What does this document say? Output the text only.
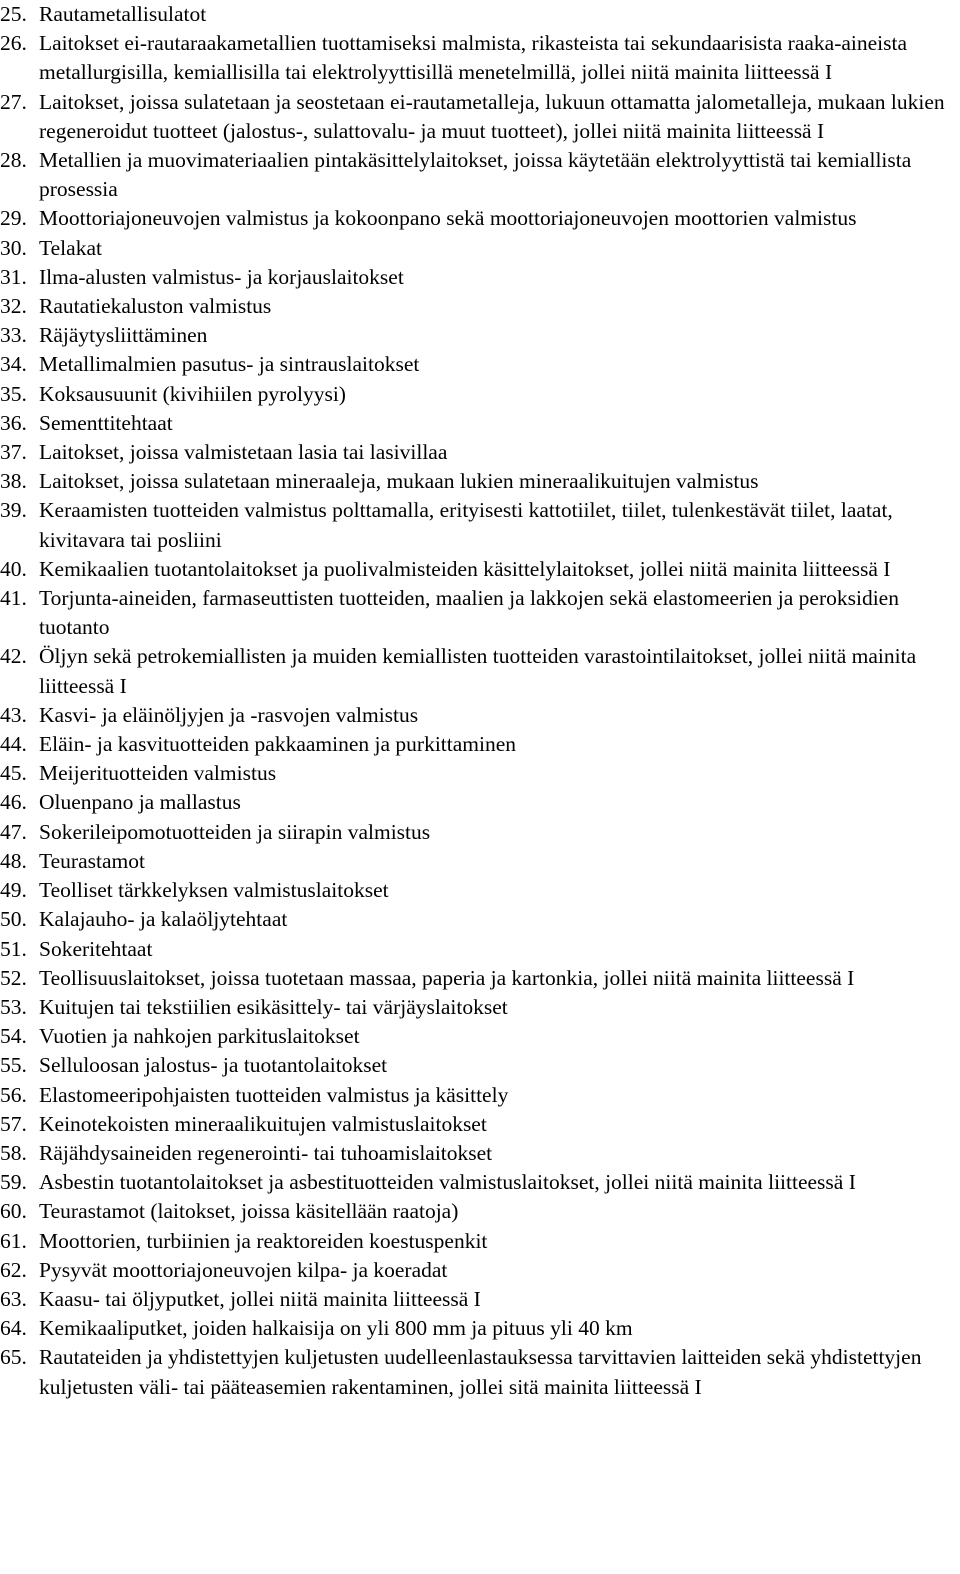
25. Rautametallisulatot
26. Laitokset ei-rautaraakametallien tuottamiseksi malmista, rikasteista tai sekundaarisista raaka-aineista metallurgisilla, kemiallisilla tai elektrolyyttisillä menetelmillä, jollei niitä mainita liitteessä I
27. Laitokset, joissa sulatetaan ja seostetaan ei-rautametalleja, lukuun ottamatta jalometalleja, mukaan lukien regeneroidut tuotteet (jalostus-, sulattovalu- ja muut tuotteet), jollei niitä mainita liitteessä I
28. Metallien ja muovimateriaalien pintakäsittelylaitokset, joissa käytetään elektrolyyttistä tai kemiallista prosessia
29. Moottoriajoneuvojen valmistus ja kokoonpano sekä moottoriajoneuvojen moottorien valmistus
30. Telakat
31. Ilma-alusten valmistus- ja korjauslaitokset
32. Rautatiekaluston valmistus
33. Räjäytysliittäminen
34. Metallimalmien pasutus- ja sintrauslaitokset
35. Koksausuunit (kivihiilen pyrolyysi)
36. Sementtitehtaat
37. Laitokset, joissa valmistetaan lasia tai lasivillaa
38. Laitokset, joissa sulatetaan mineraaleja, mukaan lukien mineraalikuitujen valmistus
39. Keraamisten tuotteiden valmistus polttamalla, erityisesti kattotiilet, tiilet, tulenkestävät tiilet, laatat, kivitavara tai posliini
40. Kemikaalien tuotantolaitokset ja puolivalmisteiden käsittelylaitokset, jollei niitä mainita liitteessä I
41. Torjunta-aineiden, farmaseuttisten tuotteiden, maalien ja lakkojen sekä elastomeerien ja peroksidien tuotanto
42. Öljyn sekä petrokemiallisten ja muiden kemiallisten tuotteiden varastointilaitokset, jollei niitä mainita liitteessä I
43. Kasvi- ja eläinöljyjen ja -rasvojen valmistus
44. Eläin- ja kasvituotteiden pakkaaminen ja purkittaminen
45. Meijerituotteiden valmistus
46. Oluenpano ja mallastus
47. Sokerileipomotuotteiden ja siirapin valmistus
48. Teurastamot
49. Teolliset tärkkelyksen valmistuslaitokset
50. Kalajauho- ja kalaöljytehtaat
51. Sokeritehtaat
52. Teollisuuslaitokset, joissa tuotetaan massaa, paperia ja kartonkia, jollei niitä mainita liitteessä I
53. Kuitujen tai tekstiilien esikäsittely- tai värjäyslaitokset
54. Vuotien ja nahkojen parkituslaitokset
55. Selluloosan jalostus- ja tuotantolaitokset
56. Elastomeeripohjaisten tuotteiden valmistus ja käsittely
57. Keinotekoisten mineraalikuitujen valmistuslaitokset
58. Räjähdysaineiden regenerointi- tai tuhoamislaitokset
59. Asbestin tuotantolaitokset ja asbestituotteiden valmistuslaitokset, jollei niitä mainita liitteessä I
60. Teurastamot (laitokset, joissa käsitellään raatoja)
61. Moottorien, turbiinien ja reaktoreiden koestuspenkit
62. Pysyvät moottoriajoneuvojen kilpa- ja koeradat
63. Kaasu- tai öljyputket, jollei niitä mainita liitteessä I
64. Kemikaaliputket, joiden halkaisija on yli 800 mm ja pituus yli 40 km
65. Rautateiden ja yhdistettyjen kuljetusten uudelleenlastauksessa tarvittavien laitteiden sekä yhdistettyjen kuljetusten väli- tai pääteasemien rakentaminen, jollei sitä mainita liitteessä I
